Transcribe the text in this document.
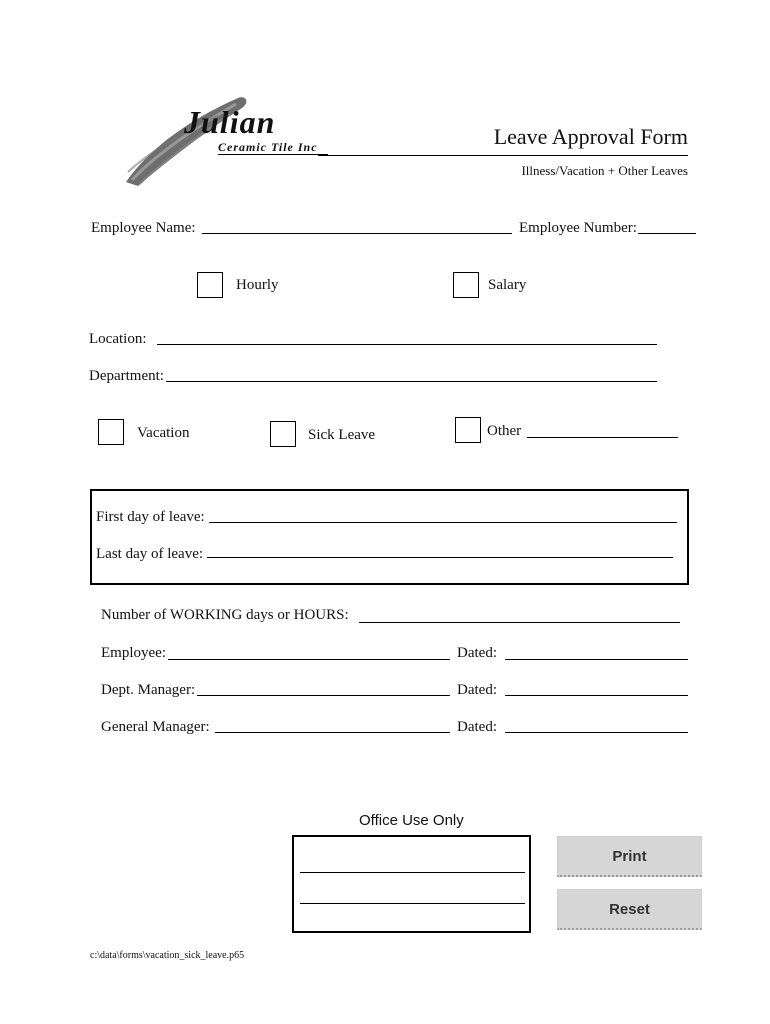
Julian
Ceramic Tile Inc	Leave Approval Form
Illness/Vacation + Other Leaves
Employee Name:	Employee Number:
Hourly	Salary
Location:
Department:
Vacation	Sick Leave	Other
First day of leave:
Last day of leave:
Number of WORKING days or HOURS:
Employee:	Dated:
Dept. Manager:	Dated:
General Manager:	Dated:
Office Use Only
Print
Reset
c:\data\forms\vacation_sick_leave.p65
